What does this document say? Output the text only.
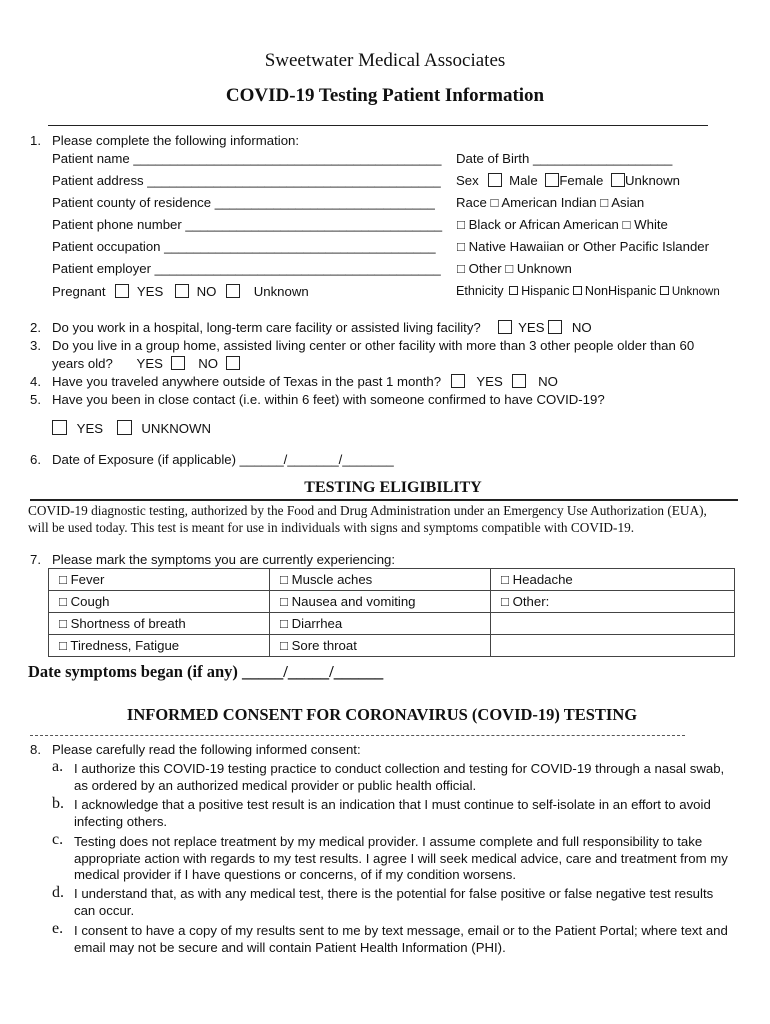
Sweetwater Medical Associates
COVID-19 Testing Patient Information
1. Please complete the following information:
Patient name __________________________________________
Patient address ________________________________________
Patient county of residence ______________________________
Patient phone number ___________________________________
Patient occupation _____________________________________
Patient employer _______________________________________
Pregnant YES	NO	Unknown
Date of Birth ___________________
Sex Male Female Unknown
Race □ American Indian □ Asian
□ Black or African American □ White
□ Native Hawaiian or Other Pacific Islander
□ Other □ Unknown
Ethnicity Hispanic NonHispanic Unknown
2. Do you work in a hospital, long-term care facility or assisted living facility?	YES NO
3. Do you live in a group home, assisted living center or other facility with more than 3 other people older than 60
years old? YES	NO
4. Have you traveled anywhere outside of Texas in the past 1 month?	YES	NO
5. Have you been in close contact (i.e. within 6 feet) with someone confirmed to have COVID-19?
YES	UNKNOWN
6. Date of Exposure (if applicable) ______/_______/_______
TESTING ELIGIBILITY
COVID-19 diagnostic testing, authorized by the Food and Drug Administration under an Emergency Use Authorization (EUA), will be used today. This test is meant for use in individuals with signs and symptoms compatible with COVID-19.
7. Please mark the symptoms you are currently experiencing:
□ Fever	□ Muscle aches	□ Headache
□ Cough	□ Nausea and vomiting	□ Other:
□ Shortness of breath	□ Diarrhea	
□ Tiredness, Fatigue	□ Sore throat	
Date symptoms began (if any) _____/_____/______
INFORMED CONSENT FOR CORONAVIRUS (COVID-19) TESTING
8. Please carefully read the following informed consent:
a. I authorize this COVID-19 testing practice to conduct collection and testing for COVID-19 through a nasal swab, as ordered by an authorized medical provider or public health official.
b. I acknowledge that a positive test result is an indication that I must continue to self-isolate in an effort to avoid infecting others.
c. Testing does not replace treatment by my medical provider. I assume complete and full responsibility to take appropriate action with regards to my test results. I agree I will seek medical advice, care and treatment from my medical provider if I have questions or concerns, of if my condition worsens.
d. I understand that, as with any medical test, there is the potential for false positive or false negative test results can occur.
e. I consent to have a copy of my results sent to me by text message, email or to the Patient Portal; where text and email may not be secure and will contain Patient Health Information (PHI).
